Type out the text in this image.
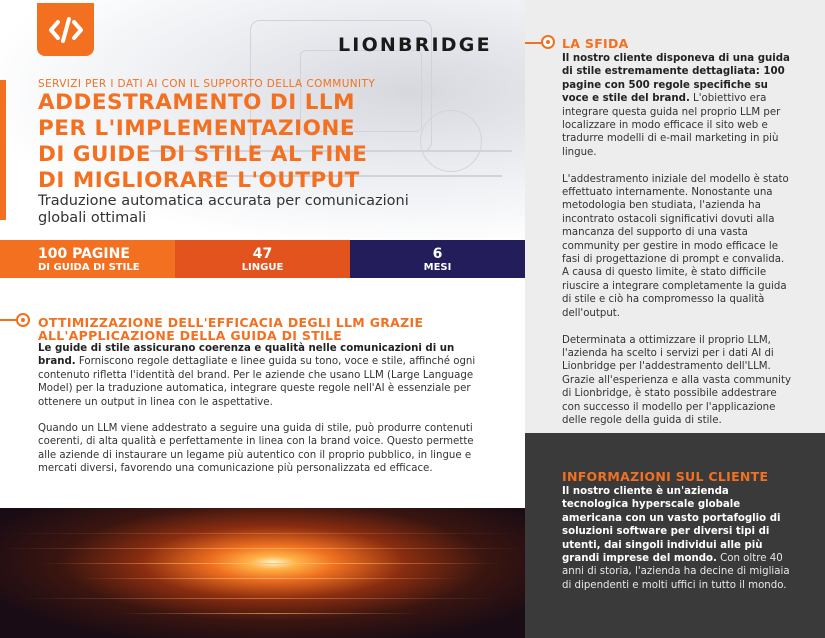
LIONBRIDGE
SERVIZI PER I DATI AI CON IL SUPPORTO DELLA COMMUNITY
ADDESTRAMENTO DI LLM
PER L'IMPLEMENTAZIONE
DI GUIDE DI STILE AL FINE
DI MIGLIORARE L'OUTPUT
Traduzione automatica accurata per comunicazioni globali ottimali
100 PAGINE
DI GUIDA DI STILE
47
LINGUE
6
MESI
OTTIMIZZAZIONE DELL'EFFICACIA DEGLI LLM GRAZIE ALL'APPLICAZIONE DELLA GUIDA DI STILE

Le guide di stile assicurano coerenza e qualità nelle comunicazioni di un brand. Forniscono regole dettagliate e linee guida su tono, voce e stile, affinché ogni contenuto rifletta l'identità del brand. Per le aziende che usano LLM (Large Language Model) per la traduzione automatica, integrare queste regole nell'AI è essenziale per ottenere un output in linea con le aspettative.

Quando un LLM viene addestrato a seguire una guida di stile, può produrre contenuti coerenti, di alta qualità e perfettamente in linea con la brand voice. Questo permette alle aziende di instaurare un legame più autentico con il proprio pubblico, in lingue e mercati diversi, favorendo una comunicazione più personalizzata ed efficace.

LA SFIDA

Il nostro cliente disponeva di una guida di stile estremamente dettagliata: 100 pagine con 500 regole specifiche su voce e stile del brand. L'obiettivo era integrare questa guida nel proprio LLM per localizzare in modo efficace il sito web e tradurre modelli di e-mail marketing in più lingue.

L'addestramento iniziale del modello è stato effettuato internamente. Nonostante una metodologia ben studiata, l'azienda ha incontrato ostacoli significativi dovuti alla mancanza del supporto di una vasta community per gestire in modo efficace le fasi di progettazione di prompt e convalida. A causa di questo limite, è stato difficile riuscire a integrare completamente la guida di stile e ciò ha compromesso la qualità dell'output.

Determinata a ottimizzare il proprio LLM, l'azienda ha scelto i servizi per i dati AI di Lionbridge per l'addestramento dell'LLM. Grazie all'esperienza e alla vasta community di Lionbridge, è stato possibile addestrare con successo il modello per l'applicazione delle regole della guida di stile.

INFORMAZIONI SUL CLIENTE
Il nostro cliente è un'azienda tecnologica hyperscale globale americana con un vasto portafoglio di soluzioni software per diversi tipi di utenti, dai singoli individui alle più grandi imprese del mondo. Con oltre 40 anni di storia, l'azienda ha decine di migliaia di dipendenti e molti uffici in tutto il mondo.
